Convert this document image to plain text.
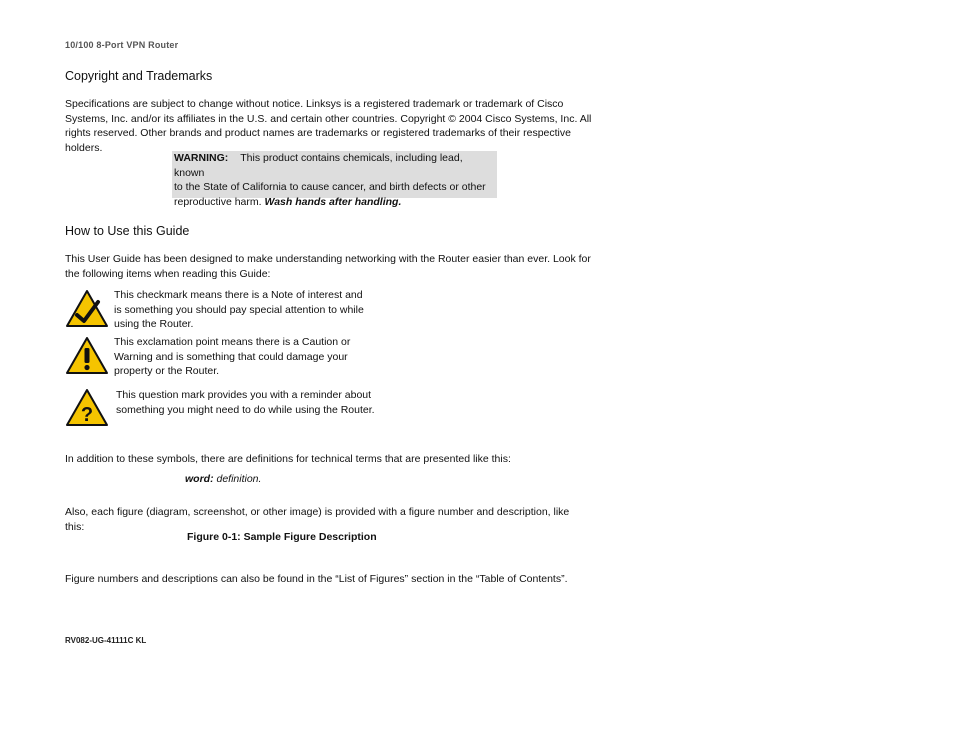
10/100 8-Port VPN Router
Copyright and Trademarks
Specifications are subject to change without notice. Linksys is a registered trademark or trademark of Cisco
Systems, Inc. and/or its affiliates in the U.S. and certain other countries. Copyright © 2004 Cisco Systems, Inc. All
rights reserved. Other brands and product names are trademarks or registered trademarks of their respective
holders.
WARNING: This product contains chemicals, including lead, known
to the State of California to cause cancer, and birth defects or other
reproductive harm. Wash hands after handling.
How to Use this Guide
This User Guide has been designed to make understanding networking with the Router easier than ever. Look for
the following items when reading this Guide:
This checkmark means there is a Note of interest and
is something you should pay special attention to while
using the Router.
This exclamation point means there is a Caution or
Warning and is something that could damage your
property or the Router.
?
This question mark provides you with a reminder about
something you might need to do while using the Router.
In addition to these symbols, there are definitions for technical terms that are presented like this:
word: definition.
Also, each figure (diagram, screenshot, or other image) is provided with a figure number and description, like
this:
Figure 0-1: Sample Figure Description
Figure numbers and descriptions can also be found in the “List of Figures” section in the “Table of Contents”.
RV082-UG-41111C KL
